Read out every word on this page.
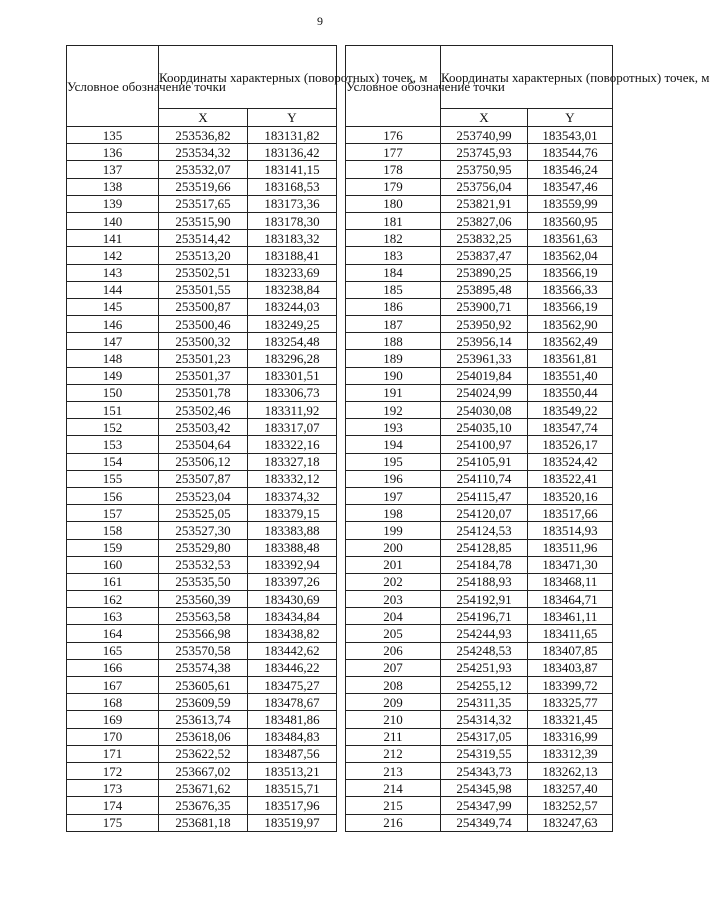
9
Условное обозначение точки	Координаты характерных (поворотных) точек, м	
	X	Y
135	253536,82	183131,82
136	253534,32	183136,42
137	253532,07	183141,15
138	253519,66	183168,53
139	253517,65	183173,36
140	253515,90	183178,30
141	253514,42	183183,32
142	253513,20	183188,41
143	253502,51	183233,69
144	253501,55	183238,84
145	253500,87	183244,03
146	253500,46	183249,25
147	253500,32	183254,48
148	253501,23	183296,28
149	253501,37	183301,51
150	253501,78	183306,73
151	253502,46	183311,92
152	253503,42	183317,07
153	253504,64	183322,16
154	253506,12	183327,18
155	253507,87	183332,12
156	253523,04	183374,32
157	253525,05	183379,15
158	253527,30	183383,88
159	253529,80	183388,48
160	253532,53	183392,94
161	253535,50	183397,26
162	253560,39	183430,69
163	253563,58	183434,84
164	253566,98	183438,82
165	253570,58	183442,62
166	253574,38	183446,22
167	253605,61	183475,27
168	253609,59	183478,67
169	253613,74	183481,86
170	253618,06	183484,83
171	253622,52	183487,56
172	253667,02	183513,21
173	253671,62	183515,71
174	253676,35	183517,96
175	253681,18	183519,97
Условное обозначение точки	Координаты характерных (поворотных) точек, м	
	X	Y
176	253740,99	183543,01
177	253745,93	183544,76
178	253750,95	183546,24
179	253756,04	183547,46
180	253821,91	183559,99
181	253827,06	183560,95
182	253832,25	183561,63
183	253837,47	183562,04
184	253890,25	183566,19
185	253895,48	183566,33
186	253900,71	183566,19
187	253950,92	183562,90
188	253956,14	183562,49
189	253961,33	183561,81
190	254019,84	183551,40
191	254024,99	183550,44
192	254030,08	183549,22
193	254035,10	183547,74
194	254100,97	183526,17
195	254105,91	183524,42
196	254110,74	183522,41
197	254115,47	183520,16
198	254120,07	183517,66
199	254124,53	183514,93
200	254128,85	183511,96
201	254184,78	183471,30
202	254188,93	183468,11
203	254192,91	183464,71
204	254196,71	183461,11
205	254244,93	183411,65
206	254248,53	183407,85
207	254251,93	183403,87
208	254255,12	183399,72
209	254311,35	183325,77
210	254314,32	183321,45
211	254317,05	183316,99
212	254319,55	183312,39
213	254343,73	183262,13
214	254345,98	183257,40
215	254347,99	183252,57
216	254349,74	183247,63
